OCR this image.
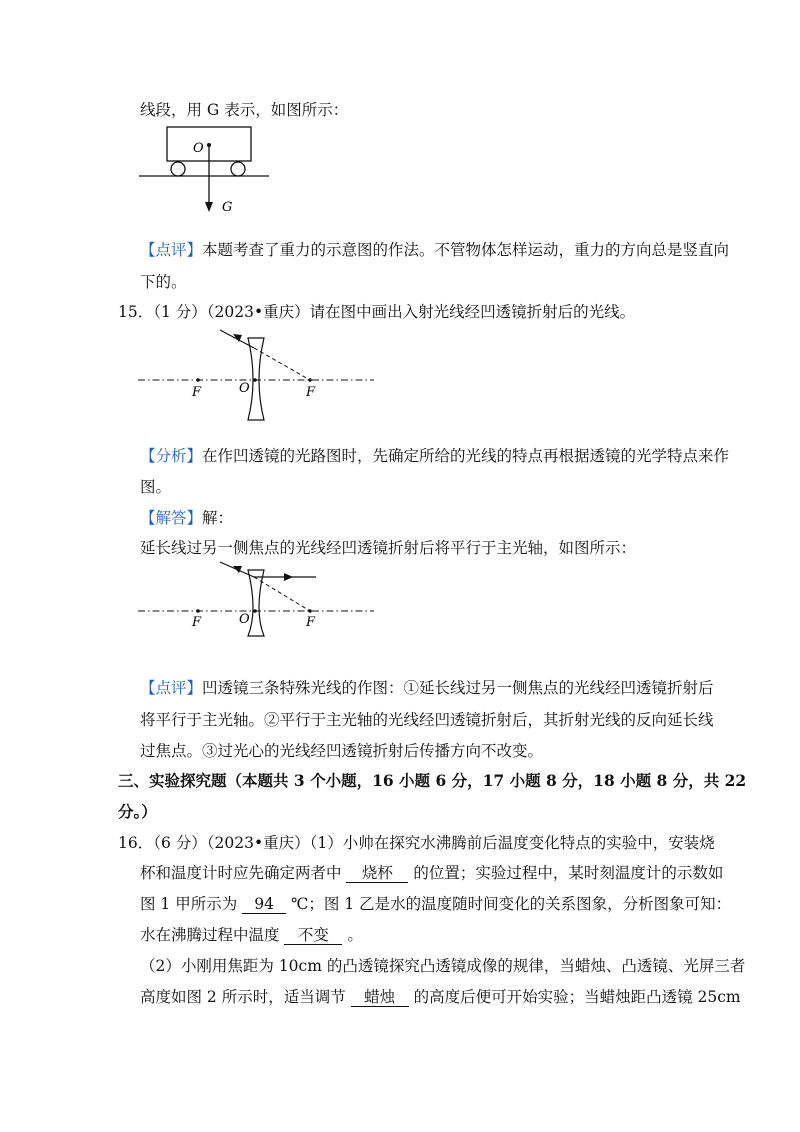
线段，用 G 表示，如图所示：
O
G
【点评】本题考查了重力的示意图的作法。不管物体怎样运动，重力的方向总是竖直向
下的。
15．（1 分）（2023•重庆）请在图中画出入射光线经凹透镜折射后的光线。
F	O	F
【分析】在作凹透镜的光路图时，先确定所给的光线的特点再根据透镜的光学特点来作
图。
【解答】解：
延长线过另一侧焦点的光线经凹透镜折射后将平行于主光轴，如图所示：
F	O	F
【点评】凹透镜三条特殊光线的作图：①延长线过另一侧焦点的光线经凹透镜折射后
将平行于主光轴。②平行于主光轴的光线经凹透镜折射后，其折射光线的反向延长线
过焦点。③过光心的光线经凹透镜折射后传播方向不改变。
三、实验探究题（本题共 3 个小题，16 小题 6 分，17 小题 8 分，18 小题 8 分，共 22
分。）
16．（6 分）（2023•重庆）（1）小帅在探究水沸腾前后温度变化特点的实验中，安装烧
杯和温度计时应先确定两者中 烧杯 的位置；实验过程中，某时刻温度计的示数如
图 1 甲所示为 94 ℃；图 1 乙是水的温度随时间变化的关系图象，分析图象可知：
水在沸腾过程中温度 不变 。
（2）小刚用焦距为 10cm 的凸透镜探究凸透镜成像的规律，当蜡烛、凸透镜、光屏三者
高度如图 2 所示时，适当调节 蜡烛 的高度后便可开始实验；当蜡烛距凸透镜 25cm
